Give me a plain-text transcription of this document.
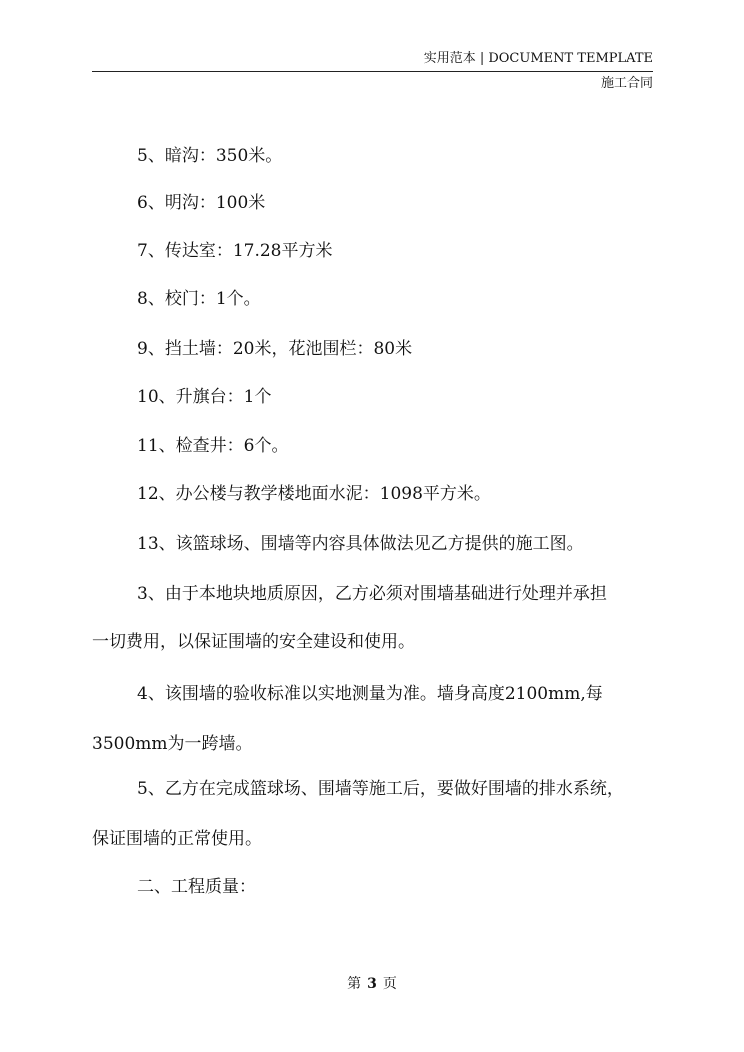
实用范本 | DOCUMENT TEMPLATE
施工合同
5、暗沟：350米。
6、明沟：100米
7、传达室：17.28平方米
8、校门：1个。
9、挡土墙：20米，花池围栏：80米
10、升旗台：1个
11、检查井：6个。
12、办公楼与教学楼地面水泥：1098平方米。
13、该篮球场、围墙等内容具体做法见乙方提供的施工图。
3、由于本地块地质原因，乙方必须对围墙基础进行处理并承担
一切费用，以保证围墙的安全建设和使用。
4、该围墙的验收标准以实地测量为准。墙身高度2100mm,每
3500mm为一跨墙。
5、乙方在完成篮球场、围墙等施工后，要做好围墙的排水系统，
保证围墙的正常使用。
二、工程质量：
第 3 页
